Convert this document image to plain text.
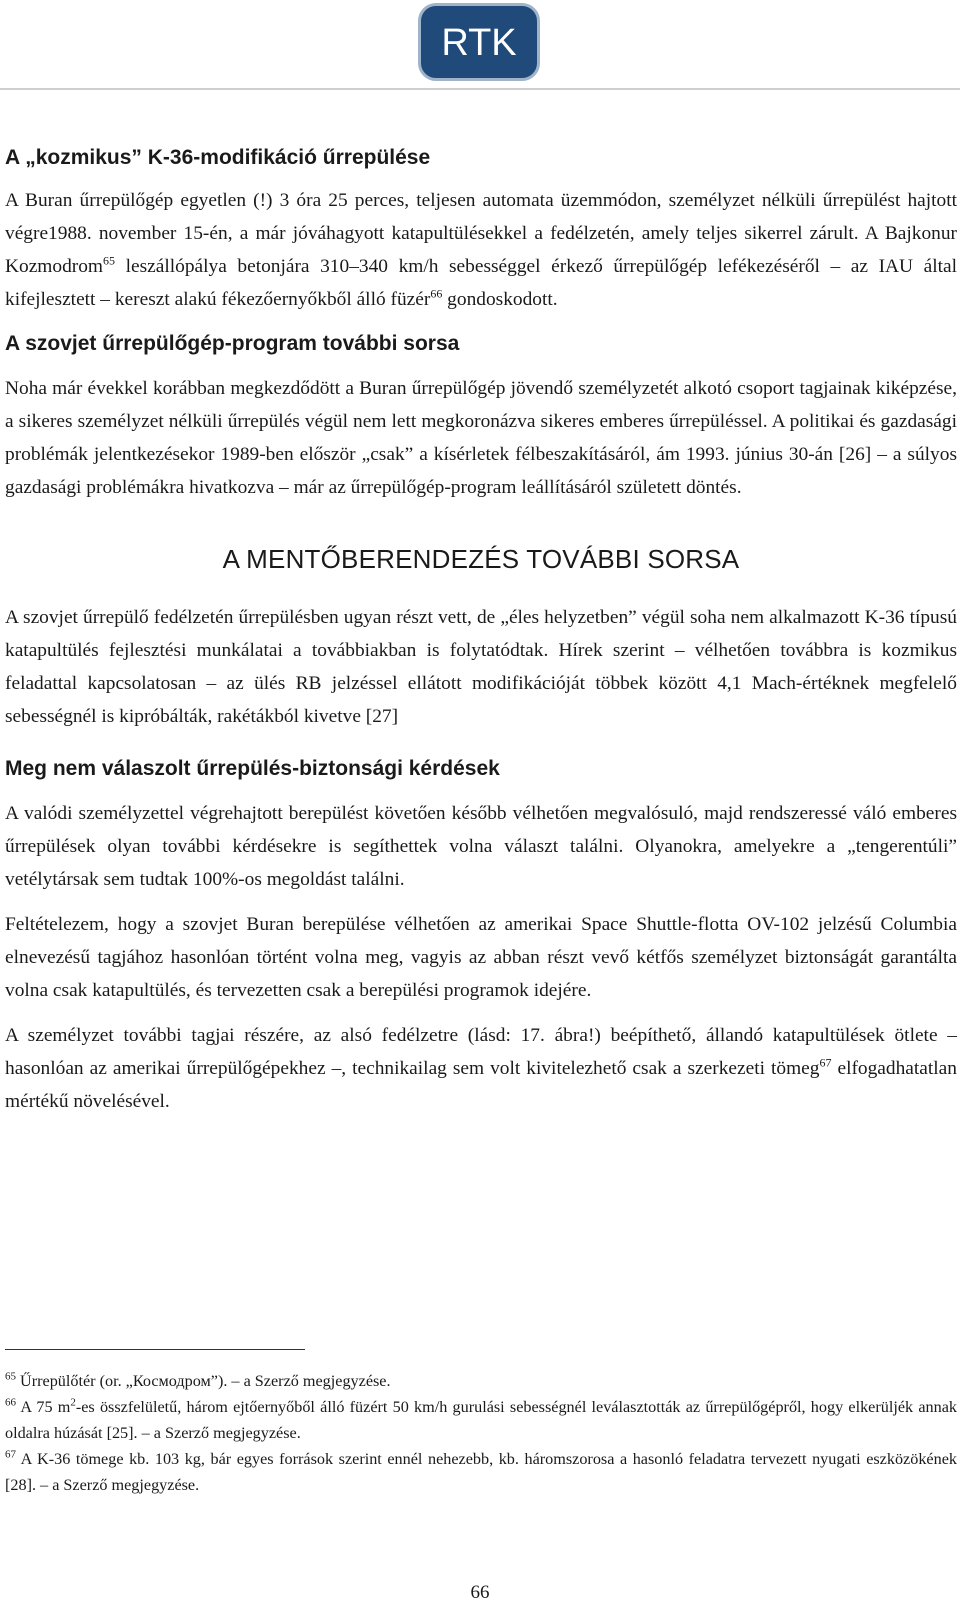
RTK
A „kozmikus” K-36-modifikáció űrrepülése

A Buran űrrepülőgép egyetlen (!) 3 óra 25 perces, teljesen automata üzemmódon, személyzet nélküli űrrepülést hajtott végre1988. november 15-én, a már jóváhagyott katapultülésekkel a fedélzetén, amely teljes sikerrel zárult. A Bajkonur Kozmodrom$^{65}$ leszállópálya betonjára 310–340 km/h sebességgel érkező űrrepülőgép lefékezéséről – az IAU által kifejlesztett – kereszt alakú fékezőernyőkből álló füzér$^{66}$ gondoskodott.

A szovjet űrrepülőgép-program további sorsa

Noha már évekkel korábban megkezdődött a Buran űrrepülőgép jövendő személyzetét alkotó csoport tagjainak kiképzése, a sikeres személyzet nélküli űrrepülés végül nem lett megkoronázva sikeres emberes űrrepüléssel. A politikai és gazdasági problémák jelentkezésekor 1989-ben először „csak” a kísérletek félbeszakításáról, ám 1993. június 30-án [26] – a súlyos gazdasági problémákra hivatkozva – már az űrrepülőgép-program leállításáról született döntés.

A MENTŐBERENDEZÉS TOVÁBBI SORSA

A szovjet űrrepülő fedélzetén űrrepülésben ugyan részt vett, de „éles helyzetben” végül soha nem alkalmazott K-36 típusú katapultülés fejlesztési munkálatai a továbbiakban is folytatódtak. Hírek szerint – vélhetően továbbra is kozmikus feladattal kapcsolatosan – az ülés RB jelzéssel ellátott modifikációját többek között 4,1 Mach-értéknek megfelelő sebességnél is kipróbálták, rakétákból kivetve [27]

Meg nem válaszolt űrrepülés-biztonsági kérdések

A valódi személyzettel végrehajtott berepülést követően később vélhetően megvalósuló, majd rendszeressé váló emberes űrrepülések olyan további kérdésekre is segíthettek volna választ találni. Olyanokra, amelyekre a „tengerentúli” vetélytársak sem tudtak 100%-os megoldást találni.

Feltételezem, hogy a szovjet Buran berepülése vélhetően az amerikai Space Shuttle-flotta OV-102 jelzésű Columbia elnevezésű tagjához hasonlóan történt volna meg, vagyis az abban részt vevő kétfős személyzet biztonságát garantálta volna csak katapultülés, és tervezetten csak a berepülési programok idejére.

A személyzet további tagjai részére, az alsó fedélzetre (lásd: 17. ábra!) beépíthető, állandó katapultülések ötlete – hasonlóan az amerikai űrrepülőgépekhez –, technikailag sem volt kivitelezhető csak a szerkezeti tömeg$^{67}$ elfogadhatatlan mértékű növelésével.

$^{65}$ Űrrepülőtér (or. „Космодром”). – a Szerző megjegyzése.

$^{66}$ A 75 $m^2-es$ összfelületű, három ejtőernyőből álló füzért 50 km/h gurulási sebességnél leválasztották az űrrepülőgépről, hogy elkerüljék annak oldalra húzását [25]. – a Szerző megjegyzése.

$^{67}$ A K-36 tömege kb. 103 kg, bár egyes források szerint ennél nehezebb, kb. háromszorosa a hasonló feladatra tervezett nyugati eszközökének [28]. – a Szerző megjegyzése.

66
